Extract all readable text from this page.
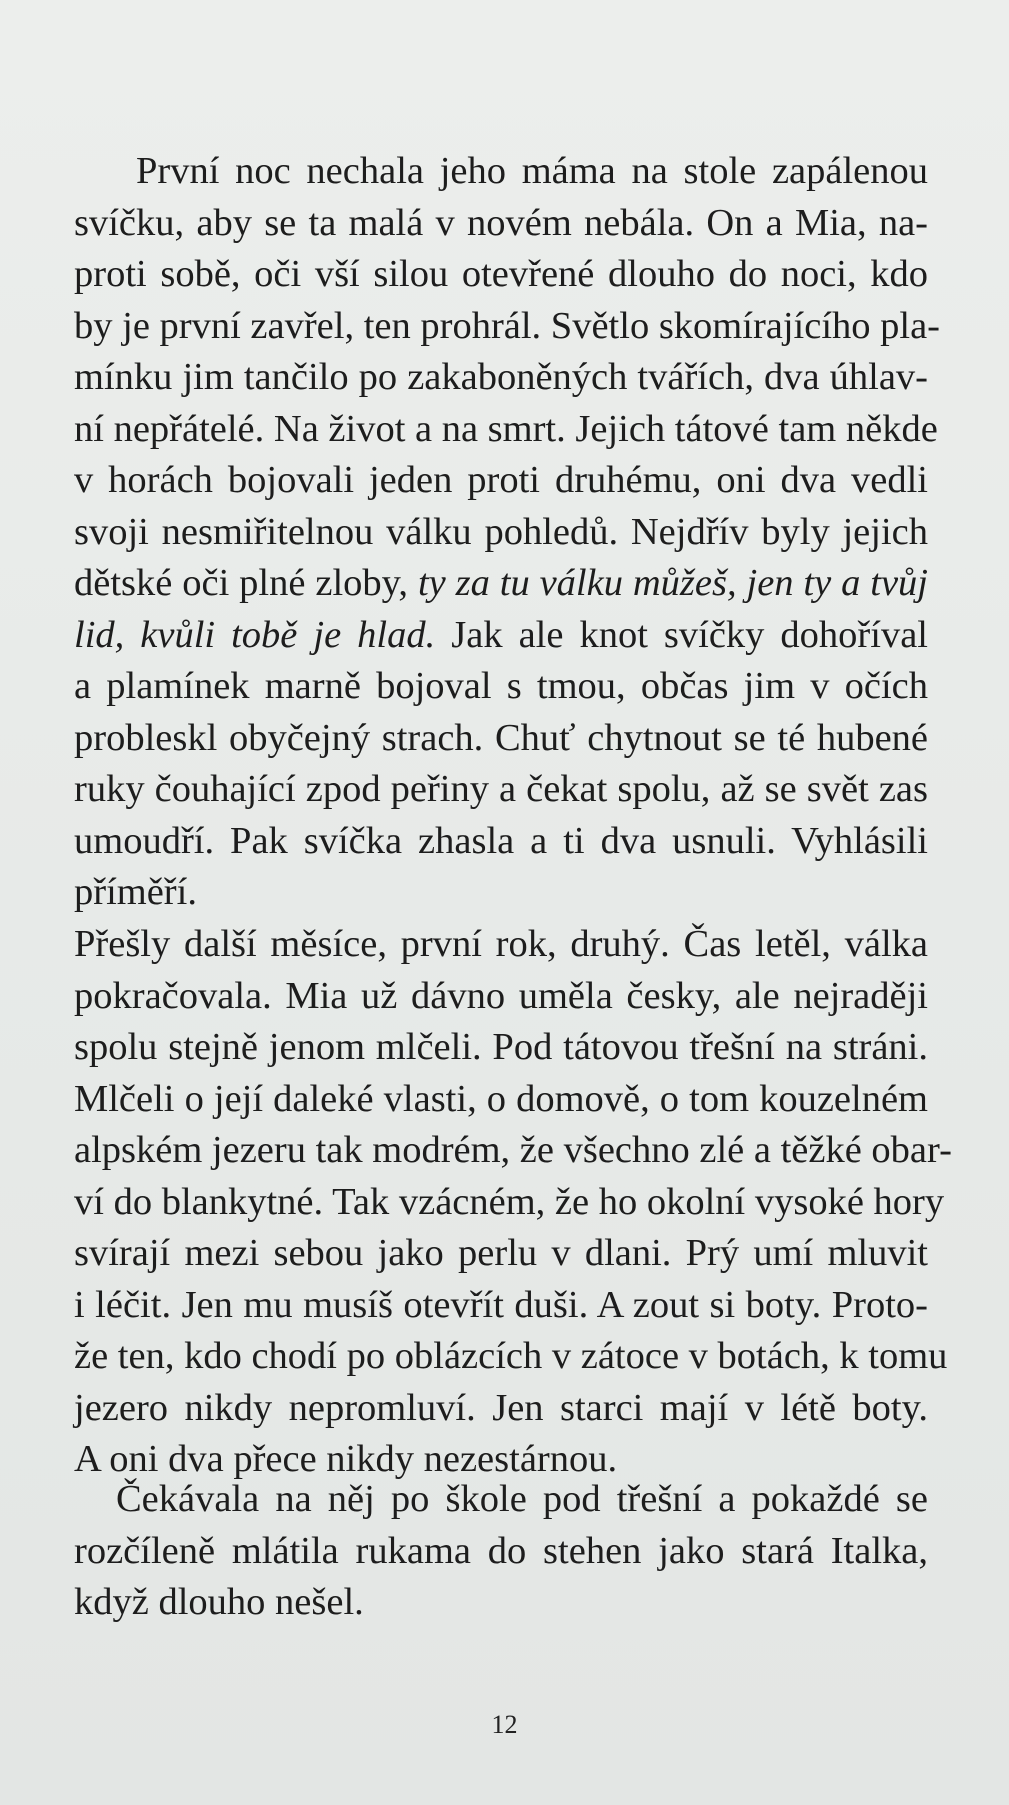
První noc nechala jeho máma na stole zapálenou
svíčku, aby se ta malá v novém nebála. On a Mia, na-
proti sobě, oči vší silou otevřené dlouho do noci, kdo
by je první zavřel, ten prohrál. Světlo skomírajícího pla-
mínku jim tančilo po zakaboněných tvářích, dva úhlav-
ní nepřátelé. Na život a na smrt. Jejich tátové tam někde
v horách bojovali jeden proti druhému, oni dva vedli
svoji nesmiřitelnou válku pohledů. Nejdřív byly jejich
dětské oči plné zloby, ty za tu válku můžeš, jen ty a tvůj
lid, kvůli tobě je hlad. Jak ale knot svíčky dohoříval
a plamínek marně bojoval s tmou, občas jim v očích
probleskl obyčejný strach. Chuť chytnout se té hubené
ruky čouhající zpod peřiny a čekat spolu, až se svět zas
umoudří. Pak svíčka zhasla a ti dva usnuli. Vyhlásili
příměří.
Přešly další měsíce, první rok, druhý. Čas letěl, válka
pokračovala. Mia už dávno uměla česky, ale nejraději
spolu stejně jenom mlčeli. Pod tátovou třešní na stráni.
Mlčeli o její daleké vlasti, o domově, o tom kouzelném
alpském jezeru tak modrém, že všechno zlé a těžké obar-
ví do blankytné. Tak vzácném, že ho okolní vysoké hory
svírají mezi sebou jako perlu v dlani. Prý umí mluvit
i léčit. Jen mu musíš otevřít duši. A zout si boty. Proto-
že ten, kdo chodí po oblázcích v zátoce v botách, k tomu
jezero nikdy nepromluví. Jen starci mají v létě boty.
A oni dva přece nikdy nezestárnou.
Čekávala na něj po škole pod třešní a pokaždé se
rozčíleně mlátila rukama do stehen jako stará Italka,
když dlouho nešel.
12
